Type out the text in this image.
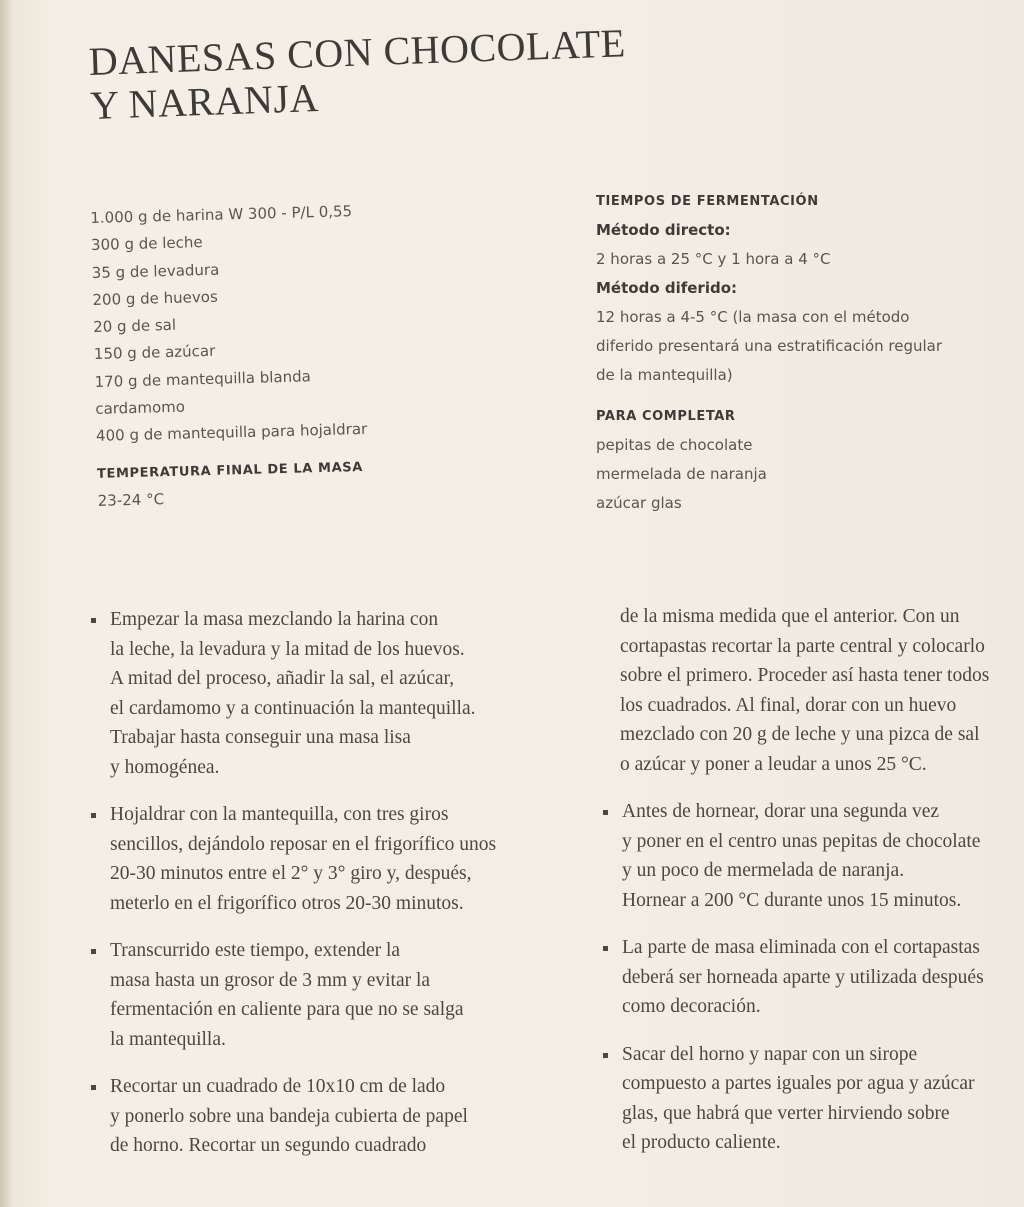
DANESAS CON CHOCOLATE
Y NARANJA
1.000 g de harina W 300 - P/L 0,55
300 g de leche
35 g de levadura
200 g de huevos
20 g de sal
150 g de azúcar
170 g de mantequilla blanda
cardamomo
400 g de mantequilla para hojaldrar
TEMPERATURA FINAL DE LA MASA
23-24 °C
TIEMPOS DE FERMENTACIÓN
Método directo:
2 horas a 25 °C y 1 hora a 4 °C
Método diferido:
12 horas a 4-5 °C (la masa con el método
diferido presentará una estratificación regular
de la mantequilla)
PARA COMPLETAR
pepitas de chocolate
mermelada de naranja
azúcar glas
Empezar la masa mezclando la harina con
la leche, la levadura y la mitad de los huevos.
A mitad del proceso, añadir la sal, el azúcar,
el cardamomo y a continuación la mantequilla.
Trabajar hasta conseguir una masa lisa
y homogénea.
Hojaldrar con la mantequilla, con tres giros
sencillos, dejándolo reposar en el frigorífico unos
20-30 minutos entre el 2° y 3° giro y, después,
meterlo en el frigorífico otros 20-30 minutos.
Transcurrido este tiempo, extender la
masa hasta un grosor de 3 mm y evitar la
fermentación en caliente para que no se salga
la mantequilla.
Recortar un cuadrado de 10x10 cm de lado
y ponerlo sobre una bandeja cubierta de papel
de horno. Recortar un segundo cuadrado
de la misma medida que el anterior. Con un
cortapastas recortar la parte central y colocarlo
sobre el primero. Proceder así hasta tener todos
los cuadrados. Al final, dorar con un huevo
mezclado con 20 g de leche y una pizca de sal
o azúcar y poner a leudar a unos 25 °C.
Antes de hornear, dorar una segunda vez
y poner en el centro unas pepitas de chocolate
y un poco de mermelada de naranja.
Hornear a 200 °C durante unos 15 minutos.
La parte de masa eliminada con el cortapastas
deberá ser horneada aparte y utilizada después
como decoración.
Sacar del horno y napar con un sirope
compuesto a partes iguales por agua y azúcar
glas, que habrá que verter hirviendo sobre
el producto caliente.
